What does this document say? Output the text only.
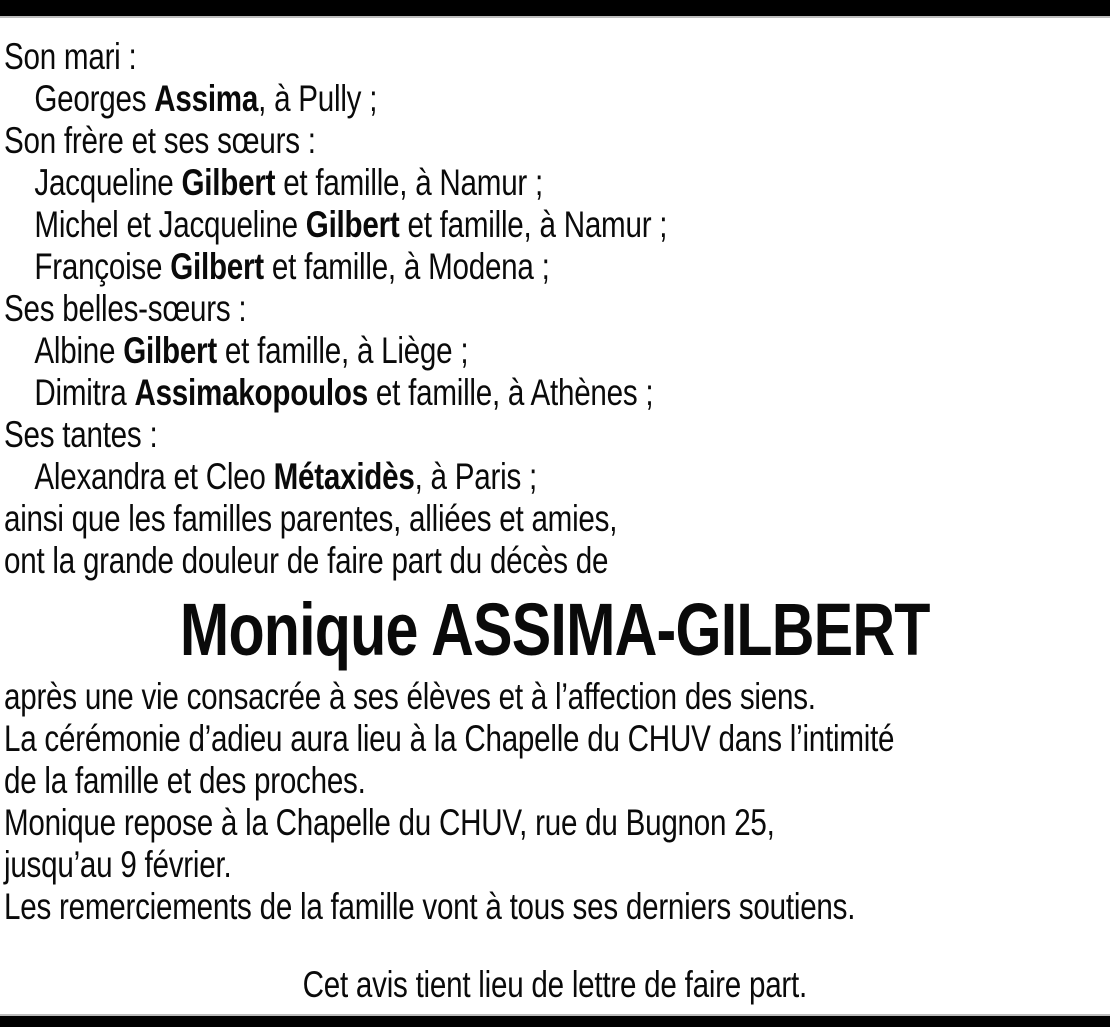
Son mari :
Georges Assima, à Pully ;
Son frère et ses sœurs :
Jacqueline Gilbert et famille, à Namur ;
Michel et Jacqueline Gilbert et famille, à Namur ;
Françoise Gilbert et famille, à Modena ;
Ses belles-sœurs :
Albine Gilbert et famille, à Liège ;
Dimitra Assimakopoulos et famille, à Athènes ;
Ses tantes :
Alexandra et Cleo Métaxidès, à Paris ;
ainsi que les familles parentes, alliées et amies,
ont la grande douleur de faire part du décès de
Monique ASSIMA-GILBERT
après une vie consacrée à ses élèves et à l’affection des siens.
La cérémonie d’adieu aura lieu à la Chapelle du CHUV dans l’intimité
de la famille et des proches.
Monique repose à la Chapelle du CHUV, rue du Bugnon 25,
jusqu’au 9 février.
Les remerciements de la famille vont à tous ses derniers soutiens.
Cet avis tient lieu de lettre de faire part.
